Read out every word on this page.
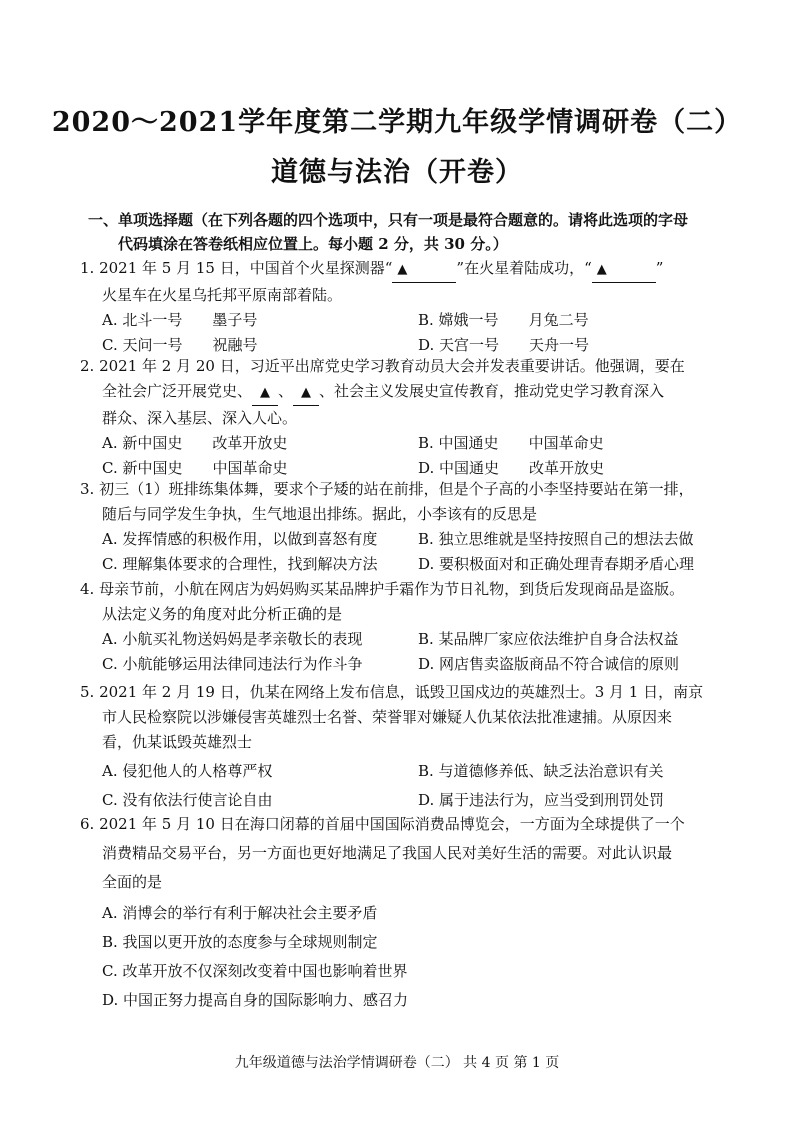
2020～2021学年度第二学期九年级学情调研卷（二）
道德与法治（开卷）
一、单项选择题（在下列各题的四个选项中，只有一项是最符合题意的。请将此选项的字母
代码填涂在答卷纸相应位置上。每小题 2 分，共 30 分。）
1. 2021 年 5 月 15 日，中国首个火星探测器“ ▲	”在火星着陆成功，“ ▲	”
火星车在火星乌托邦平原南部着陆。
A. 北斗一号 墨子号	B. 嫦娥一号 月兔二号
C. 天问一号 祝融号	D. 天宫一号 天舟一号
2. 2021 年 2 月 20 日，习近平出席党史学习教育动员大会并发表重要讲话。他强调，要在
全社会广泛开展党史、 ▲ 、 ▲ 、社会主义发展史宣传教育，推动党史学习教育深入
群众、深入基层、深入人心。
A. 新中国史 改革开放史	B. 中国通史 中国革命史
C. 新中国史 中国革命史	D. 中国通史 改革开放史
3. 初三（1）班排练集体舞，要求个子矮的站在前排，但是个子高的小李坚持要站在第一排，
随后与同学发生争执，生气地退出排练。据此，小李该有的反思是
A. 发挥情感的积极作用，以做到喜怒有度	B. 独立思维就是坚持按照自己的想法去做
C. 理解集体要求的合理性，找到解决方法	D. 要积极面对和正确处理青春期矛盾心理
4. 母亲节前，小航在网店为妈妈购买某品牌护手霜作为节日礼物，到货后发现商品是盗版。
从法定义务的角度对此分析正确的是
A. 小航买礼物送妈妈是孝亲敬长的表现	B. 某品牌厂家应依法维护自身合法权益
C. 小航能够运用法律同违法行为作斗争	D. 网店售卖盗版商品不符合诚信的原则
5. 2021 年 2 月 19 日，仇某在网络上发布信息，诋毁卫国戍边的英雄烈士。3 月 1 日，南京
市人民检察院以涉嫌侵害英雄烈士名誉、荣誉罪对嫌疑人仇某依法批准逮捕。从原因来
看，仇某诋毁英雄烈士
A. 侵犯他人的人格尊严权	B. 与道德修养低、缺乏法治意识有关
C. 没有依法行使言论自由	D. 属于违法行为，应当受到刑罚处罚
6. 2021 年 5 月 10 日在海口闭幕的首届中国国际消费品博览会，一方面为全球提供了一个
消费精品交易平台，另一方面也更好地满足了我国人民对美好生活的需要。对此认识最
全面的是
A. 消博会的举行有利于解决社会主要矛盾
B. 我国以更开放的态度参与全球规则制定
C. 改革开放不仅深刻改变着中国也影响着世界
D. 中国正努力提高自身的国际影响力、感召力
九年级道德与法治学情调研卷（二） 共 4 页 第 1 页
